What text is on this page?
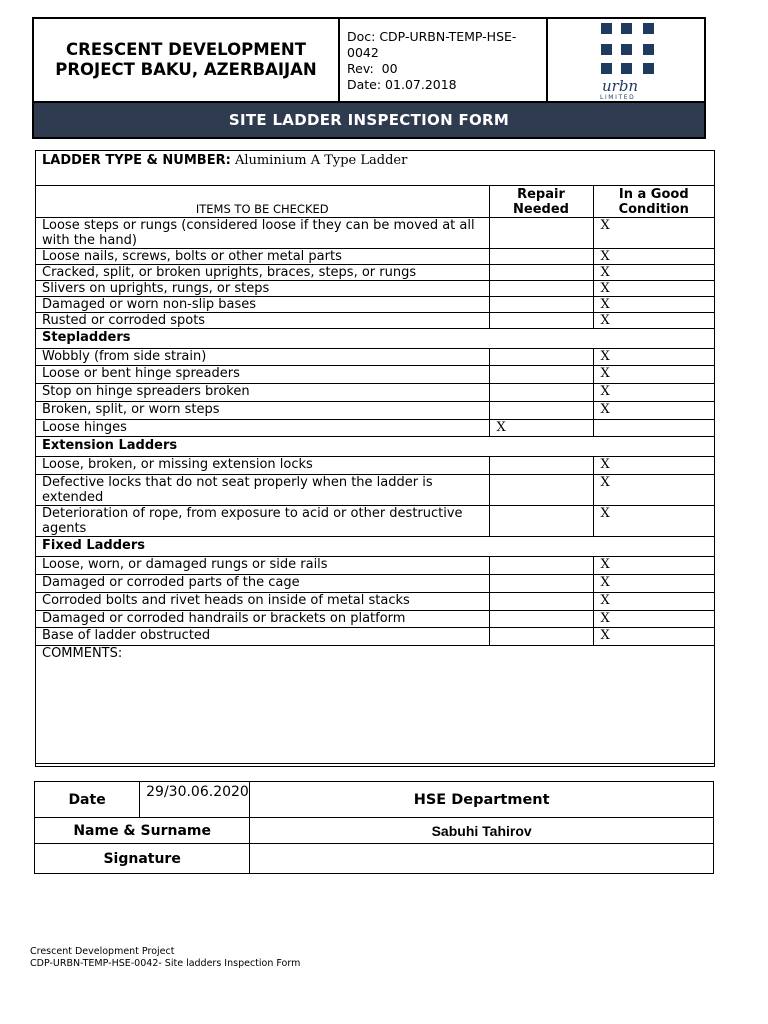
CRESCENT DEVELOPMENT
PROJECT BAKU, AZERBAIJAN
Doc: CDP-URBN-TEMP-HSE-0042
Rev:  00
Date: 01.07.2018	urbn
LIMITED
SITE LADDER INSPECTION FORM
LADDER TYPE & NUMBER: Aluminium A Type Ladder		
ITEMS TO BE CHECKED	Repair Needed	In a Good Condition
Loose steps or rungs (considered loose if they can be moved at all with the hand)		X
Loose nails, screws, bolts or other metal parts		X
Cracked, split, or broken uprights, braces, steps, or rungs		X
Slivers on uprights, rungs, or steps		X
Damaged or worn non-slip bases		X
Rusted or corroded spots		X
Stepladders		
Wobbly (from side strain)		X
Loose or bent hinge spreaders		X
Stop on hinge spreaders broken		X
Broken, split, or worn steps		X
Loose hinges	X	
Extension Ladders		
Loose, broken, or missing extension locks		X
Defective locks that do not seat properly when the ladder is extended		X
Deterioration of rope, from exposure to acid or other destructive agents		X
Fixed Ladders		
Loose, worn, or damaged rungs or side rails		X
Damaged or corroded parts of the cage		X
Corroded bolts and rivet heads on inside of metal stacks		X
Damaged or corroded handrails or brackets on platform		X
Base of ladder obstructed		X
COMMENTS:		
Date	29/30.06.2020	HSE Department
Name & Surname		Sabuhi Tahirov
Signature		
Crescent Development Project
CDP-URBN-TEMP-HSE-0042- Site ladders Inspection Form
